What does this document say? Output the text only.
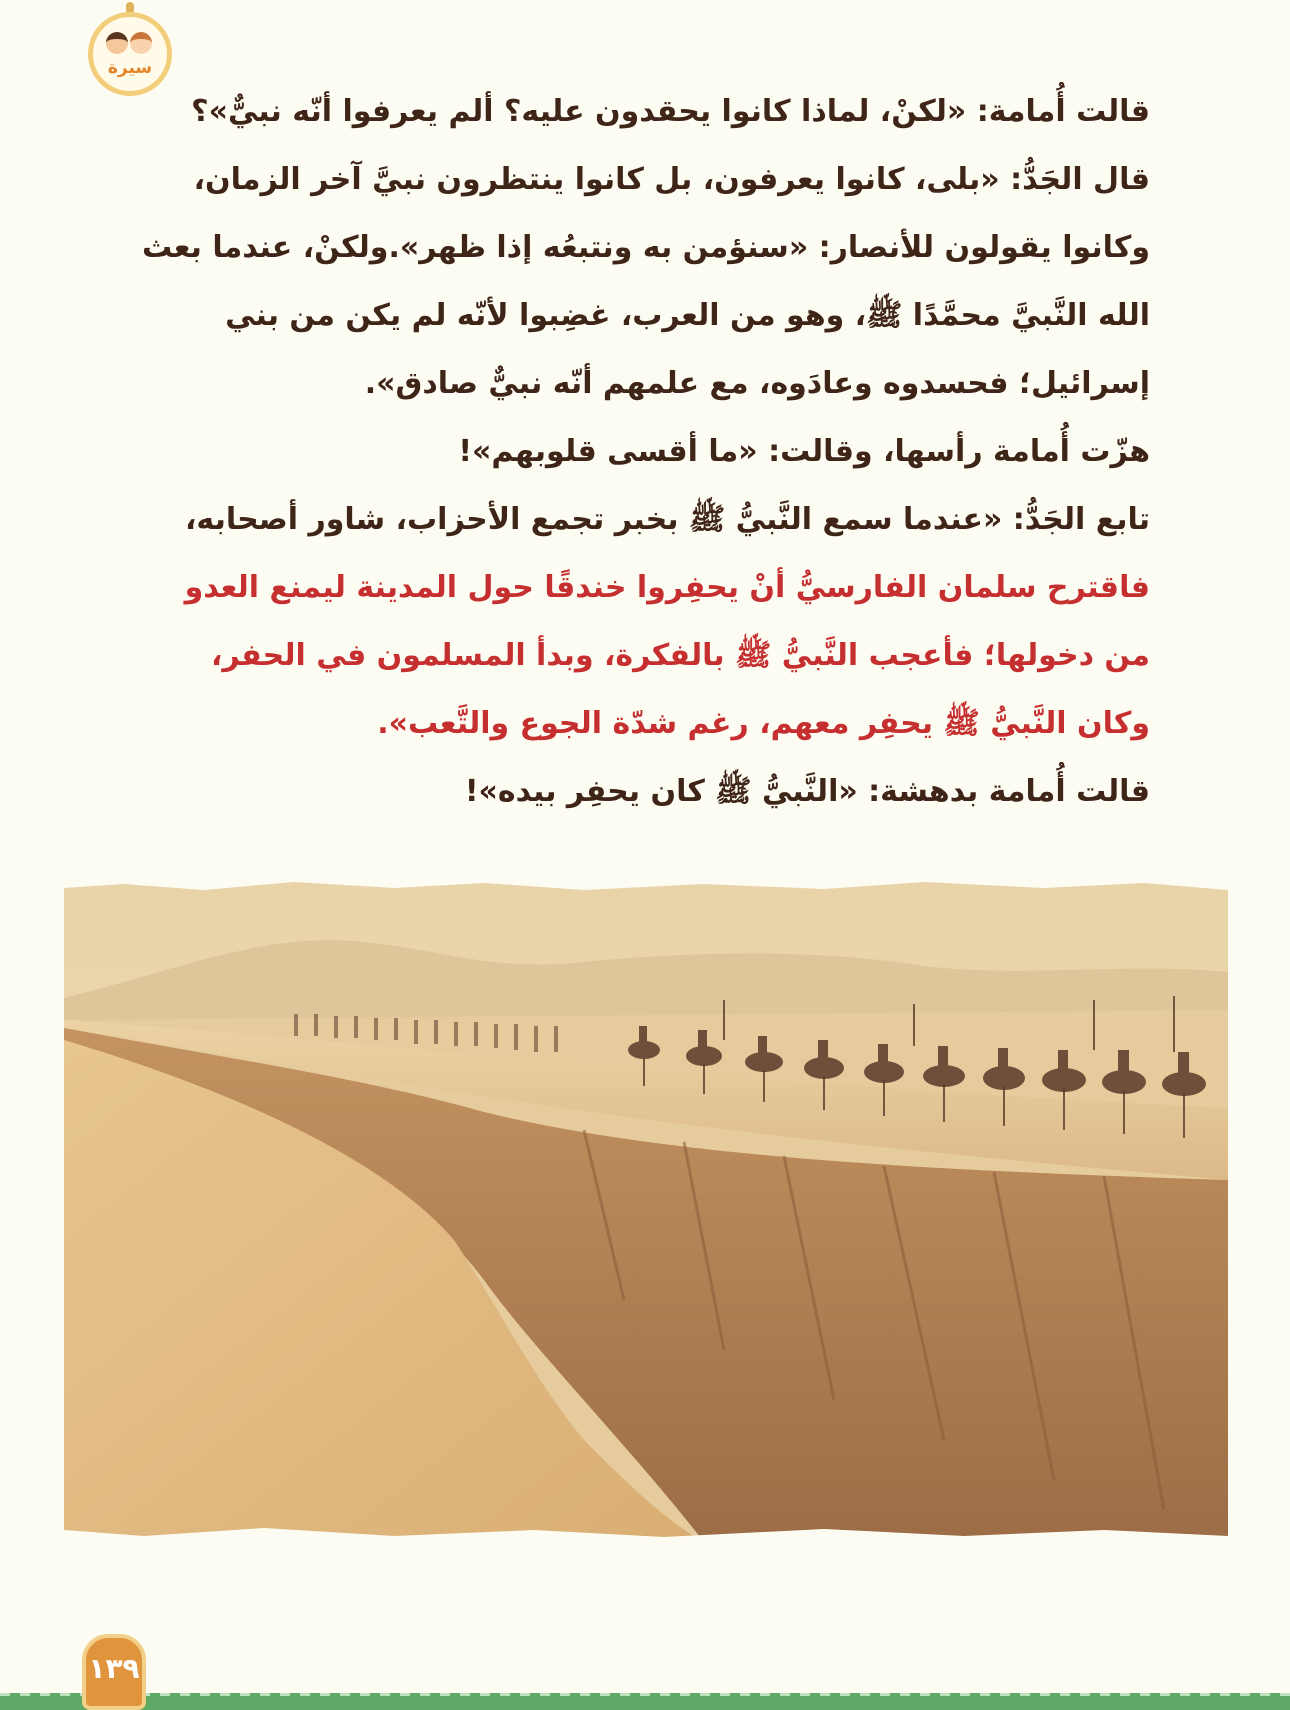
سيرة

قالت أُمامة: «لكنْ، لماذا كانوا يحقدون عليه؟ ألم يعرفوا أنّه نبيٌّ»؟

قال الجَدُّ: «بلى، كانوا يعرفون، بل كانوا ينتظرون نبيَّ آخر الزمان، وكانوا يقولون للأنصار: «سنؤمن به ونتبعُه إذا ظهر».ولكنْ، عندما بعث الله النَّبيَّ محمَّدًا ﷺ، وهو من العرب، غضِبوا لأنّه لم يكن من بني إسرائيل؛ فحسدوه وعادَوه، مع علمهم أنّه نبيٌّ صادق».

هزّت أُمامة رأسها، وقالت: «ما أقسى قلوبهم»!

تابع الجَدُّ: «عندما سمع النَّبيُّ ﷺ بخبر تجمع الأحزاب، شاور أصحابه، فاقترح سلمان الفارسيُّ أنْ يحفِروا خندقًا حول المدينة ليمنع العدو من دخولها؛ فأعجب النَّبيُّ ﷺ بالفكرة، وبدأ المسلمون في الحفر، وكان النَّبيُّ ﷺ يحفِر معهم، رغم شدّة الجوع والتَّعب».

قالت أُمامة بدهشة: «النَّبيُّ ﷺ كان يحفِر بيده»!

١٣٩
